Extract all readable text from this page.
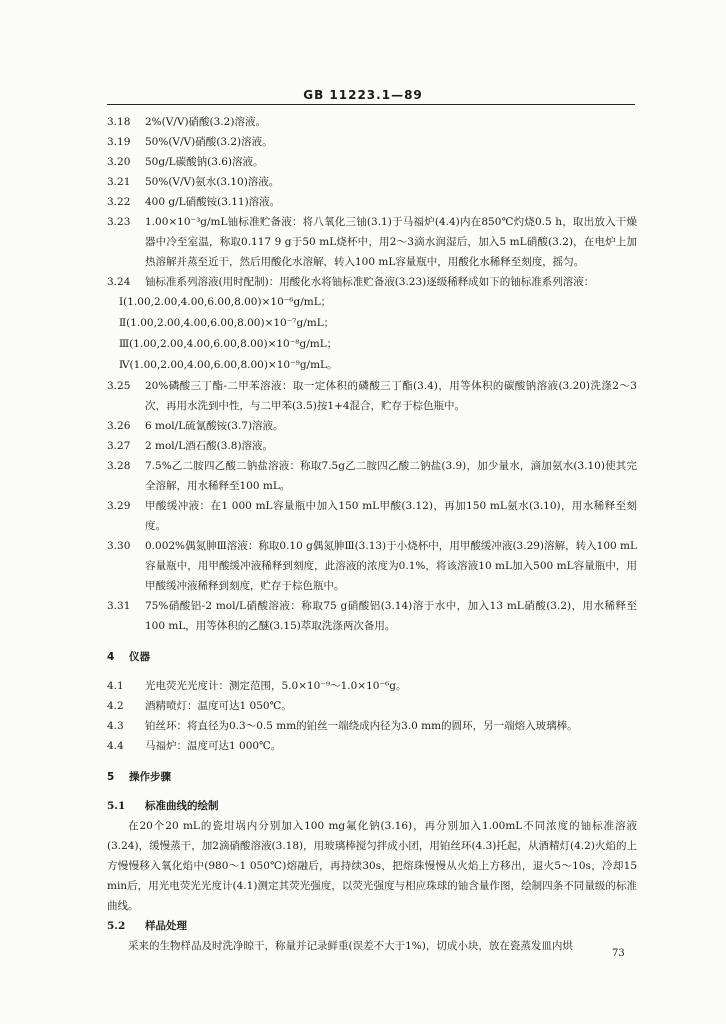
GB 11223.1—89
3.18 2%(V/V)硝酸(3.2)溶液。
3.19 50%(V/V)硝酸(3.2)溶液。
3.20 50g/L碳酸钠(3.6)溶液。
3.21 50%(V/V)氨水(3.10)溶液。
3.22 400 g/L硝酸铵(3.11)溶液。
3.23 1.00×10⁻³g/mL铀标准贮备液：将八氧化三铀(3.1)于马福炉(4.4)内在850℃灼烧0.5 h，取出放入干燥器中冷至室温，称取0.117 9 g于50 mL烧杯中，用2～3滴水润湿后，加入5 mL硝酸(3.2)，在电炉上加热溶解并蒸至近干，然后用酸化水溶解，转入100 mL容量瓶中，用酸化水稀释至刻度，摇匀。
3.24 铀标准系列溶液(用时配制)：用酸化水将铀标准贮备液(3.23)逐级稀释成如下的铀标准系列溶液：

Ⅰ(1.00,2.00,4.00,6.00,8.00)×10⁻⁶g/mL；

Ⅱ(1.00,2.00,4.00,6.00,8.00)×10⁻⁷g/mL；

Ⅲ(1.00,2.00,4.00,6.00,8.00)×10⁻⁸g/mL；

Ⅳ(1.00,2.00,4.00,6.00,8.00)×10⁻⁹g/mL。

3.25 20%磷酸三丁酯-二甲苯溶液：取一定体积的磷酸三丁酯(3.4)，用等体积的碳酸钠溶液(3.20)洗涤2～3次，再用水洗到中性，与二甲苯(3.5)按1+4混合，贮存于棕色瓶中。
3.26 6 mol/L硫氰酸铵(3.7)溶液。
3.27 2 mol/L酒石酸(3.8)溶液。
3.28 7.5%乙二胺四乙酸二钠盐溶液：称取7.5g乙二胺四乙酸二钠盐(3.9)，加少量水，滴加氨水(3.10)使其完全溶解，用水稀释至100 mL。
3.29 甲酸缓冲液：在1 000 mL容量瓶中加入150 mL甲酸(3.12)，再加150 mL氨水(3.10)，用水稀释至刻度。
3.30 0.002%偶氮胂Ⅲ溶液：称取0.10 g偶氮胂Ⅲ(3.13)于小烧杯中，用甲酸缓冲液(3.29)溶解，转入100 mL容量瓶中，用甲酸缓冲液稀释到刻度，此溶液的浓度为0.1%，将该溶液10 mL加入500 mL容量瓶中，用甲酸缓冲液稀释到刻度，贮存于棕色瓶中。
3.31 75%硝酸铝-2 mol/L硝酸溶液：称取75 g硝酸铝(3.14)溶于水中，加入13 mL硝酸(3.2)，用水稀释至100 mL，用等体积的乙醚(3.15)萃取洗涤两次备用。
4 仪器
4.1 光电荧光光度计：测定范围，5.0×10⁻⁹～1.0×10⁻⁶g。
4.2 酒精喷灯：温度可达1 050℃。
4.3 铂丝环：将直径为0.3～0.5 mm的铂丝一端绕成内径为3.0 mm的圆环，另一端熔入玻璃棒。
4.4 马福炉：温度可达1 000℃。
5 操作步骤
5.1 标准曲线的绘制

在20个20 mL的瓷坩埚内分别加入100 mg氟化钠(3.16)，再分别加入1.00mL不同浓度的铀标准溶液(3.24)，缓慢蒸干，加2滴硝酸溶液(3.18)，用玻璃棒搅匀拌成小团，用铂丝环(4.3)托起，从酒精灯(4.2)火焰的上方慢慢移入氧化焰中(980～1 050℃)熔融后，再持续30s，把熔珠慢慢从火焰上方移出，退火5～10s，冷却15 min后，用光电荧光光度计(4.1)测定其荧光强度，以荧光强度与相应珠球的铀含量作图，绘制四条不同量级的标准曲线。

5.2 样品处理

采来的生物样品及时洗净晾干，称量并记录鲜重(误差不大于1%)，切成小块，放在瓷蒸发皿内烘

73
